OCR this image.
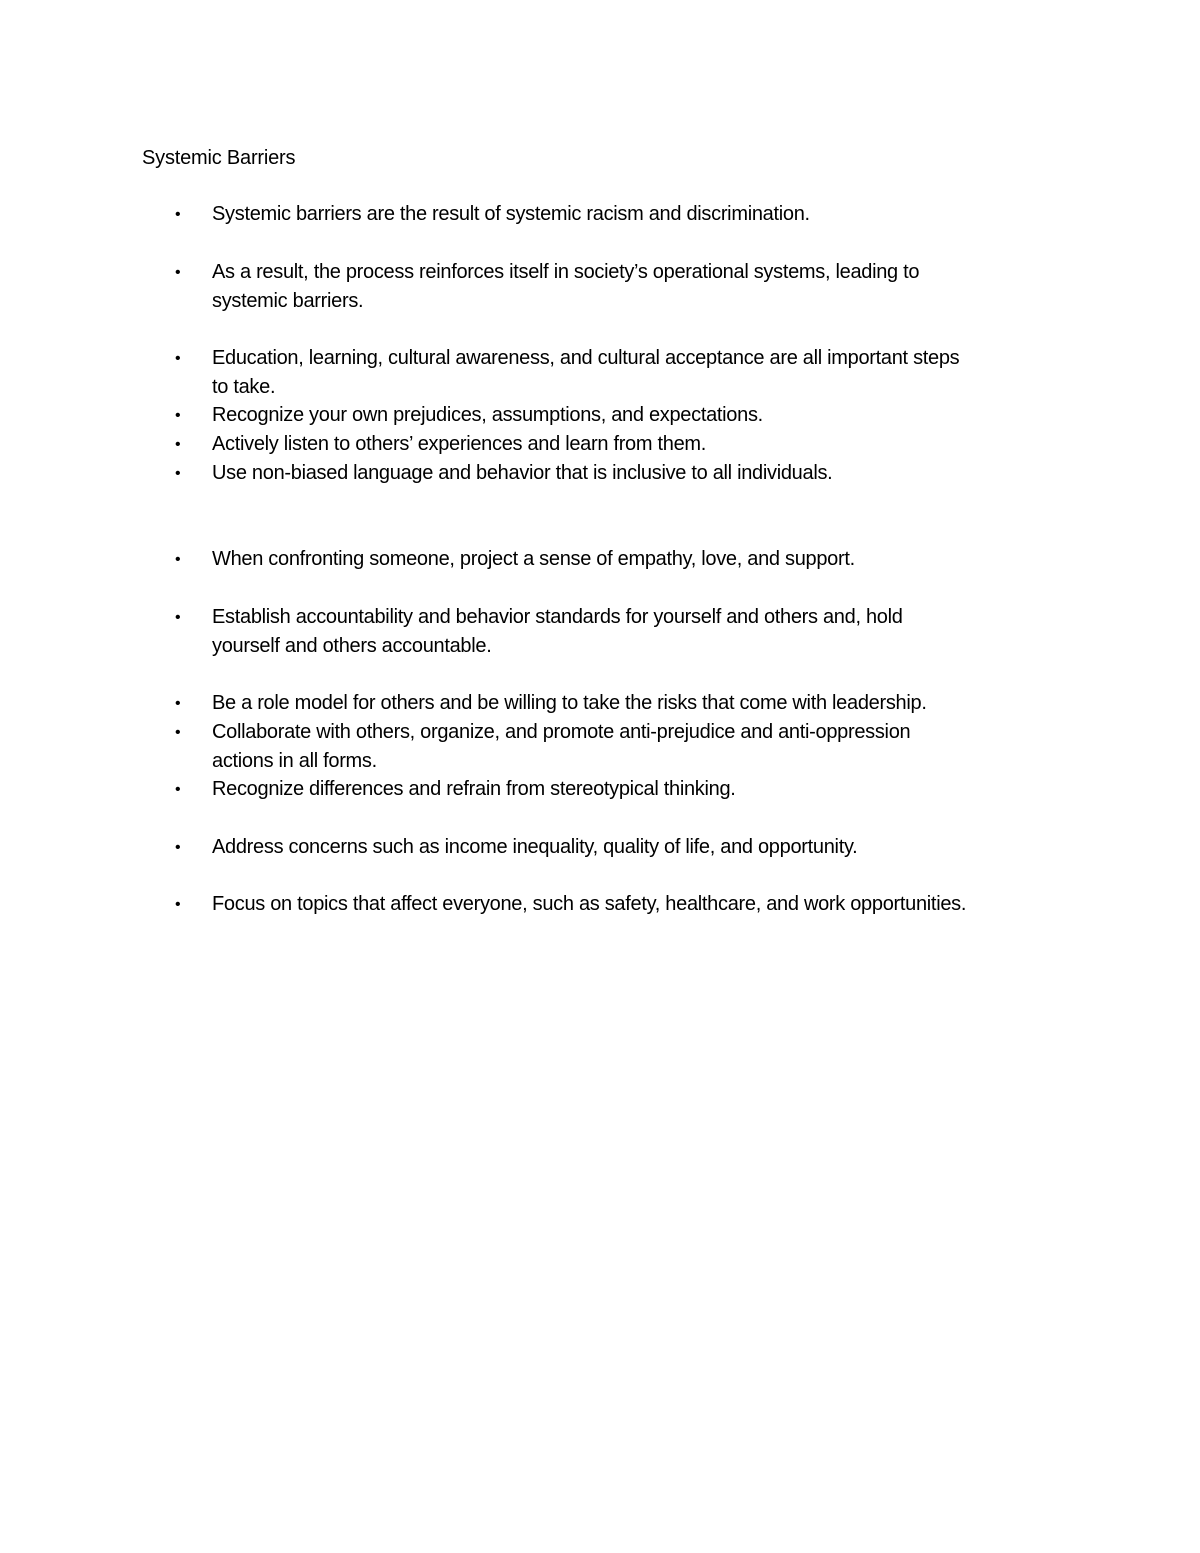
Systemic Barriers
•	Systemic barriers are the result of systemic racism and discrimination.
•	As a result, the process reinforces itself in society’s operational systems, leading to
systemic barriers.
•	Education, learning, cultural awareness, and cultural acceptance are all important steps
to take.
•	Recognize your own prejudices, assumptions, and expectations.
•	Actively listen to others’ experiences and learn from them.
•	Use non-biased language and behavior that is inclusive to all individuals.
•	When confronting someone, project a sense of empathy, love, and support.
•	Establish accountability and behavior standards for yourself and others and, hold
yourself and others accountable.
•	Be a role model for others and be willing to take the risks that come with leadership.
•	Collaborate with others, organize, and promote anti-prejudice and anti-oppression
actions in all forms.
•	Recognize differences and refrain from stereotypical thinking.
•	Address concerns such as income inequality, quality of life, and opportunity.
•	Focus on topics that affect everyone, such as safety, healthcare, and work opportunities.
